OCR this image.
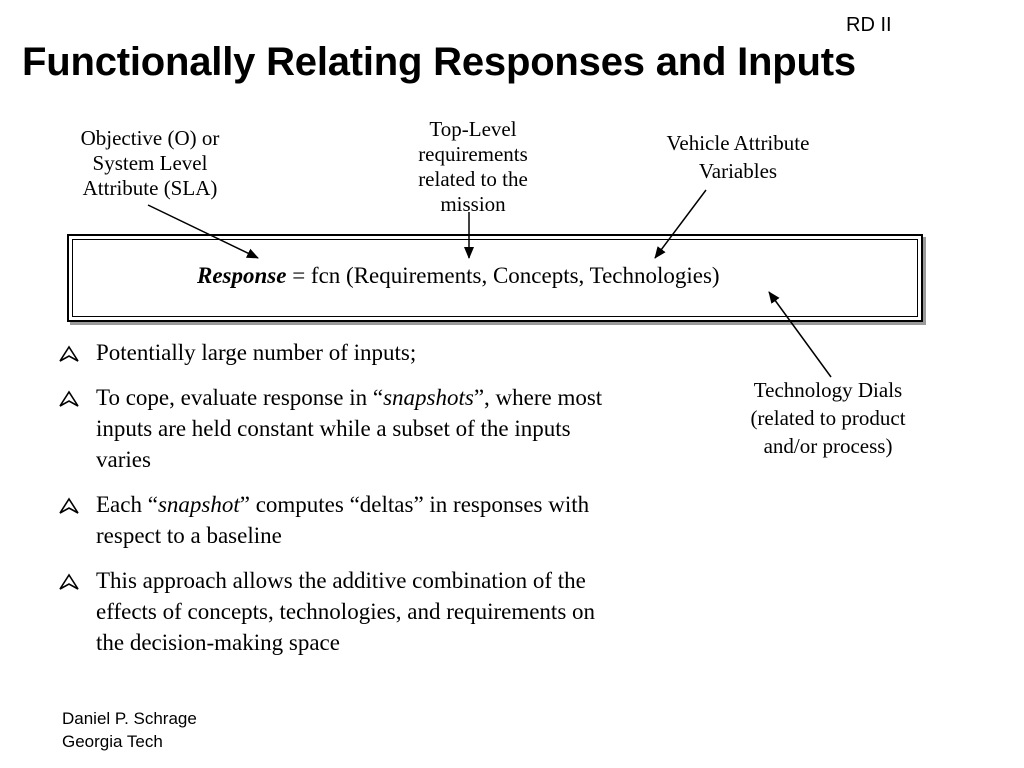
RD II
Functionally Relating Responses and Inputs
Objective (O) or
System Level
Attribute (SLA)
Top-Level
requirements
related to the
mission
Vehicle Attribute
Variables
Technology Dials
(related to product
and/or process)
Response = fcn (Requirements, Concepts, Technologies)
Potentially large number of inputs;
To cope, evaluate response in “snapshots”, where most inputs are held constant while a subset of the inputs varies
Each “snapshot” computes “deltas” in responses with respect to a baseline
This approach allows the additive combination of the effects of concepts, technologies, and requirements on the decision-making space
Daniel P. Schrage
Georgia Tech
